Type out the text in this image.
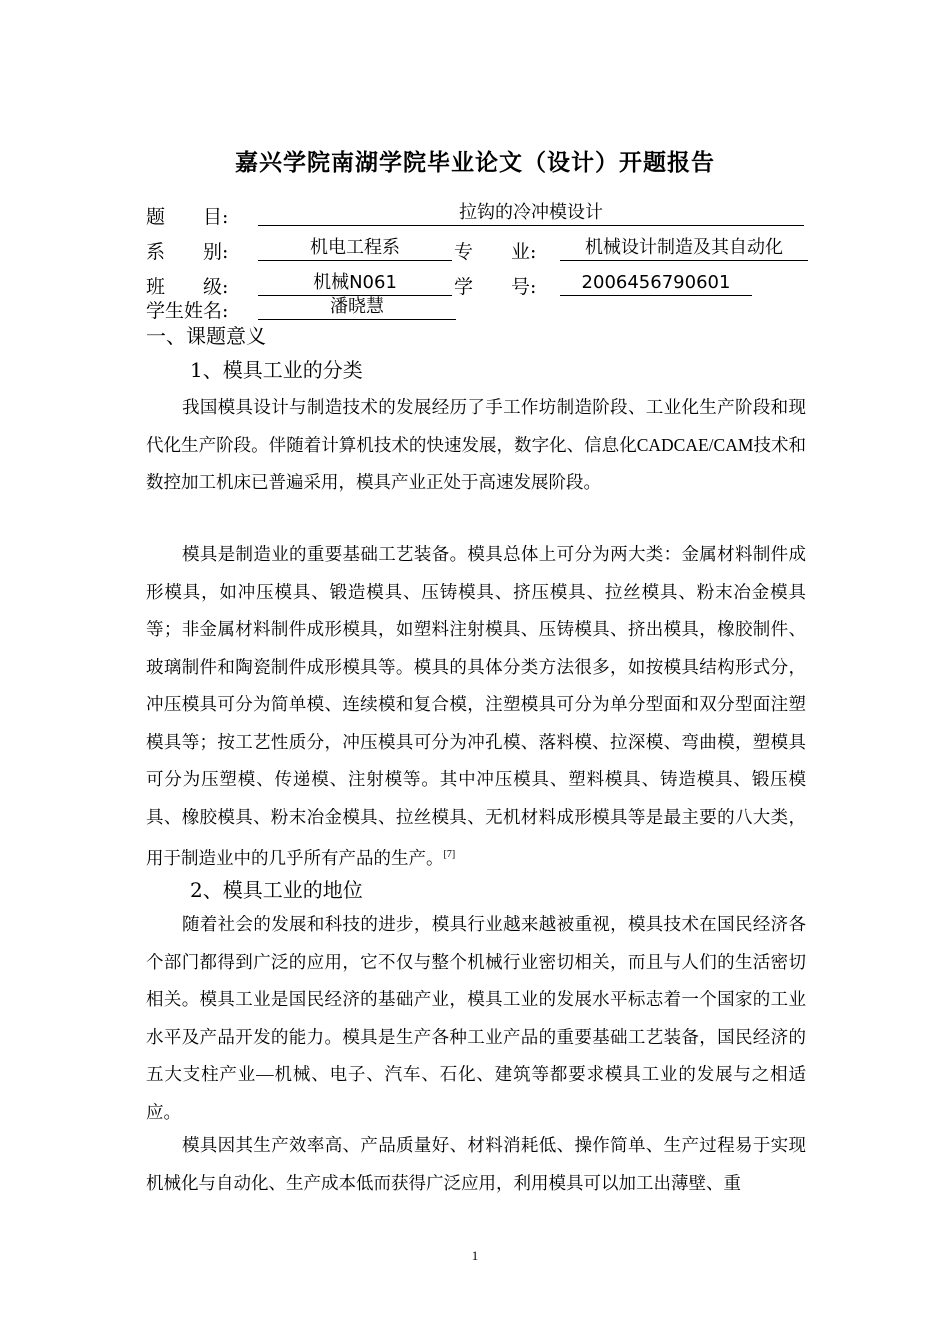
嘉兴学院南湖学院毕业论文（设计）开题报告
题　　目:	拉钩的冷冲模设计
系　　别:	机电工程系	专　　业:	机械设计制造及其自动化
班　　级:	机械N061	学　　号:	2006456790601
学生姓名:	潘晓慧
一、课题意义
1、模具工业的分类

我国模具设计与制造技术的发展经历了手工作坊制造阶段、工业化生产阶段和现代化生产阶段。伴随着计算机技术的快速发展，数字化、信息化CADCAE/CAM技术和数控加工机床已普遍采用，模具产业正处于高速发展阶段。

模具是制造业的重要基础工艺装备。模具总体上可分为两大类：金属材料制件成形模具，如冲压模具、锻造模具、压铸模具、挤压模具、拉丝模具、粉末冶金模具等；非金属材料制件成形模具，如塑料注射模具、压铸模具、挤出模具，橡胶制件、玻璃制件和陶瓷制件成形模具等。模具的具体分类方法很多，如按模具结构形式分，冲压模具可分为简单模、连续模和复合模，注塑模具可分为单分型面和双分型面注塑模具等；按工艺性质分，冲压模具可分为冲孔模、落料模、拉深模、弯曲模，塑模具可分为压塑模、传递模、注射模等。其中冲压模具、塑料模具、铸造模具、锻压模具、橡胶模具、粉末冶金模具、拉丝模具、无机材料成形模具等是最主要的八大类，用于制造业中的几乎所有产品的生产。[7]

2、模具工业的地位

随着社会的发展和科技的进步，模具行业越来越被重视，模具技术在国民经济各个部门都得到广泛的应用，它不仅与整个机械行业密切相关，而且与人们的生活密切相关。模具工业是国民经济的基础产业，模具工业的发展水平标志着一个国家的工业水平及产品开发的能力。模具是生产各种工业产品的重要基础工艺装备，国民经济的五大支柱产业—机械、电子、汽车、石化、建筑等都要求模具工业的发展与之相适应。

模具因其生产效率高、产品质量好、材料消耗低、操作简单、生产过程易于实现机械化与自动化、生产成本低而获得广泛应用，利用模具可以加工出薄壁、重

1
